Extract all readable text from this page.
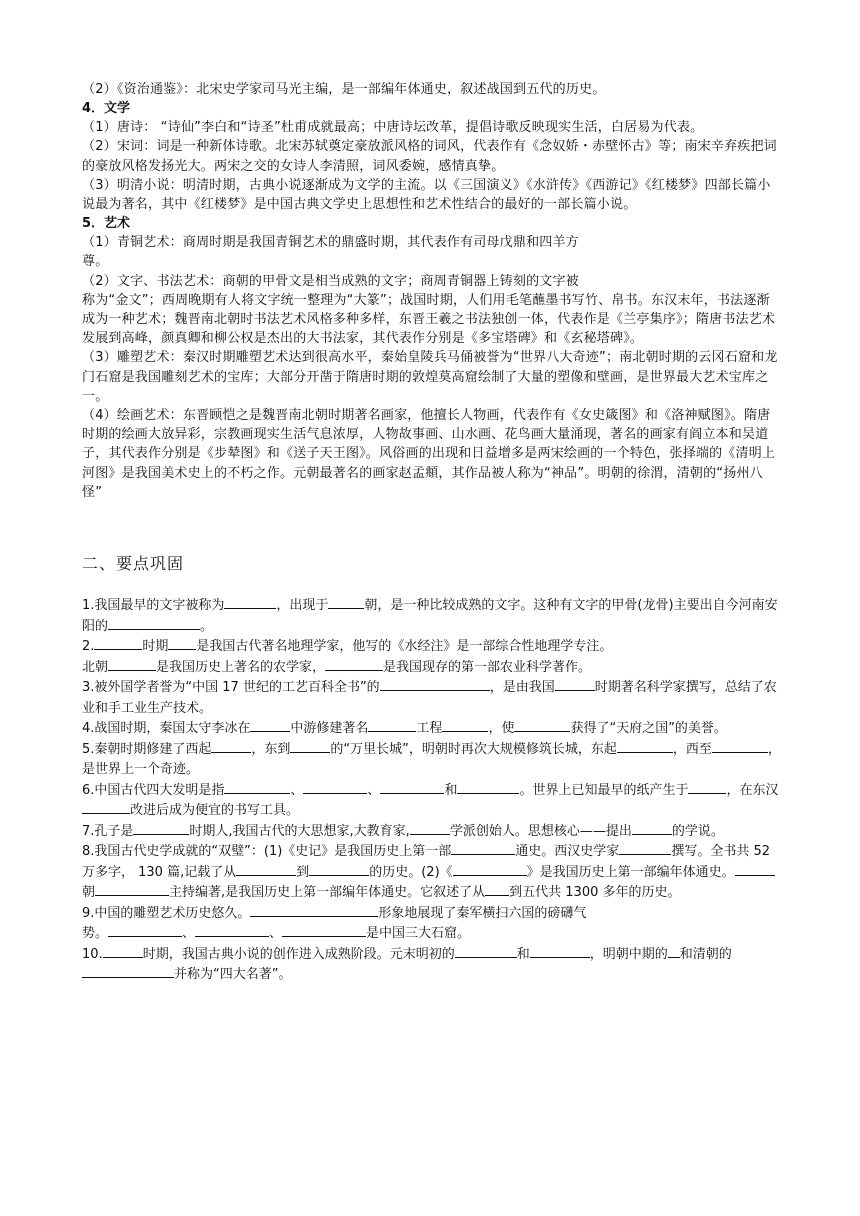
（2）《资治通鉴》：北宋史学家司马光主编，是一部编年体通史，叙述战国到五代的历史。

4．文学

（1）唐诗： “诗仙”李白和“诗圣”杜甫成就最高；中唐诗坛改革，提倡诗歌反映现实生活，白居易为代表。

（2）宋词：词是一种新体诗歌。北宋苏轼奠定豪放派风格的词风，代表作有《念奴娇・赤壁怀古》等；南宋辛弃疾把词的豪放风格发扬光大。两宋之交的女诗人李清照，词风委婉，感情真挚。

（3）明清小说：明清时期，古典小说逐渐成为文学的主流。以《三国演义》《水浒传》《西游记》《红楼梦》四部长篇小说最为著名，其中《红楼梦》是中国古典文学史上思想性和艺术性结合的最好的一部长篇小说。

5．艺术

（1）青铜艺术：商周时期是我国青铜艺术的鼎盛时期，其代表作有司母戊鼎和四羊方

尊。

（2）文字、书法艺术：商朝的甲骨文是相当成熟的文字；商周青铜器上铸刻的文字被

称为“金文”；西周晚期有人将文字统一整理为“大篆”；战国时期，人们用毛笔蘸墨书写竹、帛书。东汉末年，书法逐渐成为一种艺术；魏晋南北朝时书法艺术风格多种多样，东晋王羲之书法独创一体，代表作是《兰亭集序》；隋唐书法艺术发展到高峰，颜真卿和柳公权是杰出的大书法家，其代表作分别是《多宝塔碑》和《玄秘塔碑》。

（3）雕塑艺术：秦汉时期雕塑艺术达到很高水平，秦始皇陵兵马俑被誉为“世界八大奇迹”；南北朝时期的云冈石窟和龙门石窟是我国雕刻艺术的宝库；大部分开凿于隋唐时期的敦煌莫高窟绘制了大量的塑像和壁画，是世界最大艺术宝库之一。

（4）绘画艺术：东晋顾恺之是魏晋南北朝时期著名画家，他擅长人物画，代表作有《女史箴图》和《洛神赋图》。隋唐时期的绘画大放异彩，宗教画现实生活气息浓厚，人物故事画、山水画、花鸟画大量涌现，著名的画家有阎立本和吴道子，其代表作分别是《步辇图》和《送子天王图》。风俗画的出现和日益增多是两宋绘画的一个特色，张择端的《清明上河图》是我国美术史上的不朽之作。元朝最著名的画家赵孟頫，其作品被人称为“神品”。明朝的徐渭，清朝的“扬州八怪”

二、要点巩固

1.我国最早的文字被称为	，出现于	朝，是一种比较成熟的文字。这种有文字的甲骨(龙骨)主要出自今河南安阳的	。

2.	时期 是我国古代著名地理学家，他写的《水经注》是一部综合性地理学专注。

北朝	是我国历史上著名的农学家，	是我国现存的第一部农业科学著作。

3.被外国学者誉为“中国 17 世纪的工艺百科全书”的	，是由我国	时期著名科学家撰写，总结了农业和手工业生产技术。

4.战国时期，秦国太守李冰在	中游修建著名	工程	，使	获得了“天府之国”的美誉。

5.秦朝时期修建了西起	，东到	的“万里长城”，明朝时再次大规模修筑长城，东起	，西至	，是世界上一个奇迹。

6.中国古代四大发明是指	、	、	和	。世界上已知最早的纸产生于	，在东汉改进后成为便宜的书写工具。

7.孔子是	时期人,我国古代的大思想家,大教育家,	学派创始人。思想核心——提出	的学说。

8.我国古代史学成就的“双璧”：(1)《史记》是我国历史上第一部	通史。西汉史学家	撰写。全书共 52 万多字， 130 篇,记载了从	到	的历史。(2)《	》是我国历史上第一部编年体通史。朝	主持编著,是我国历史上第一部编年体通史。它叙述了从 到五代共 1300 多年的历史。

9.中国的雕塑艺术历史悠久。	形象地展现了秦军横扫六国的磅礴气

势。	、	、	是中国三大石窟。

10.	时期，我国古典小说的创作进入成熟阶段。元末明初的	和	，明朝中期的 和清朝的并称为“四大名著”。
